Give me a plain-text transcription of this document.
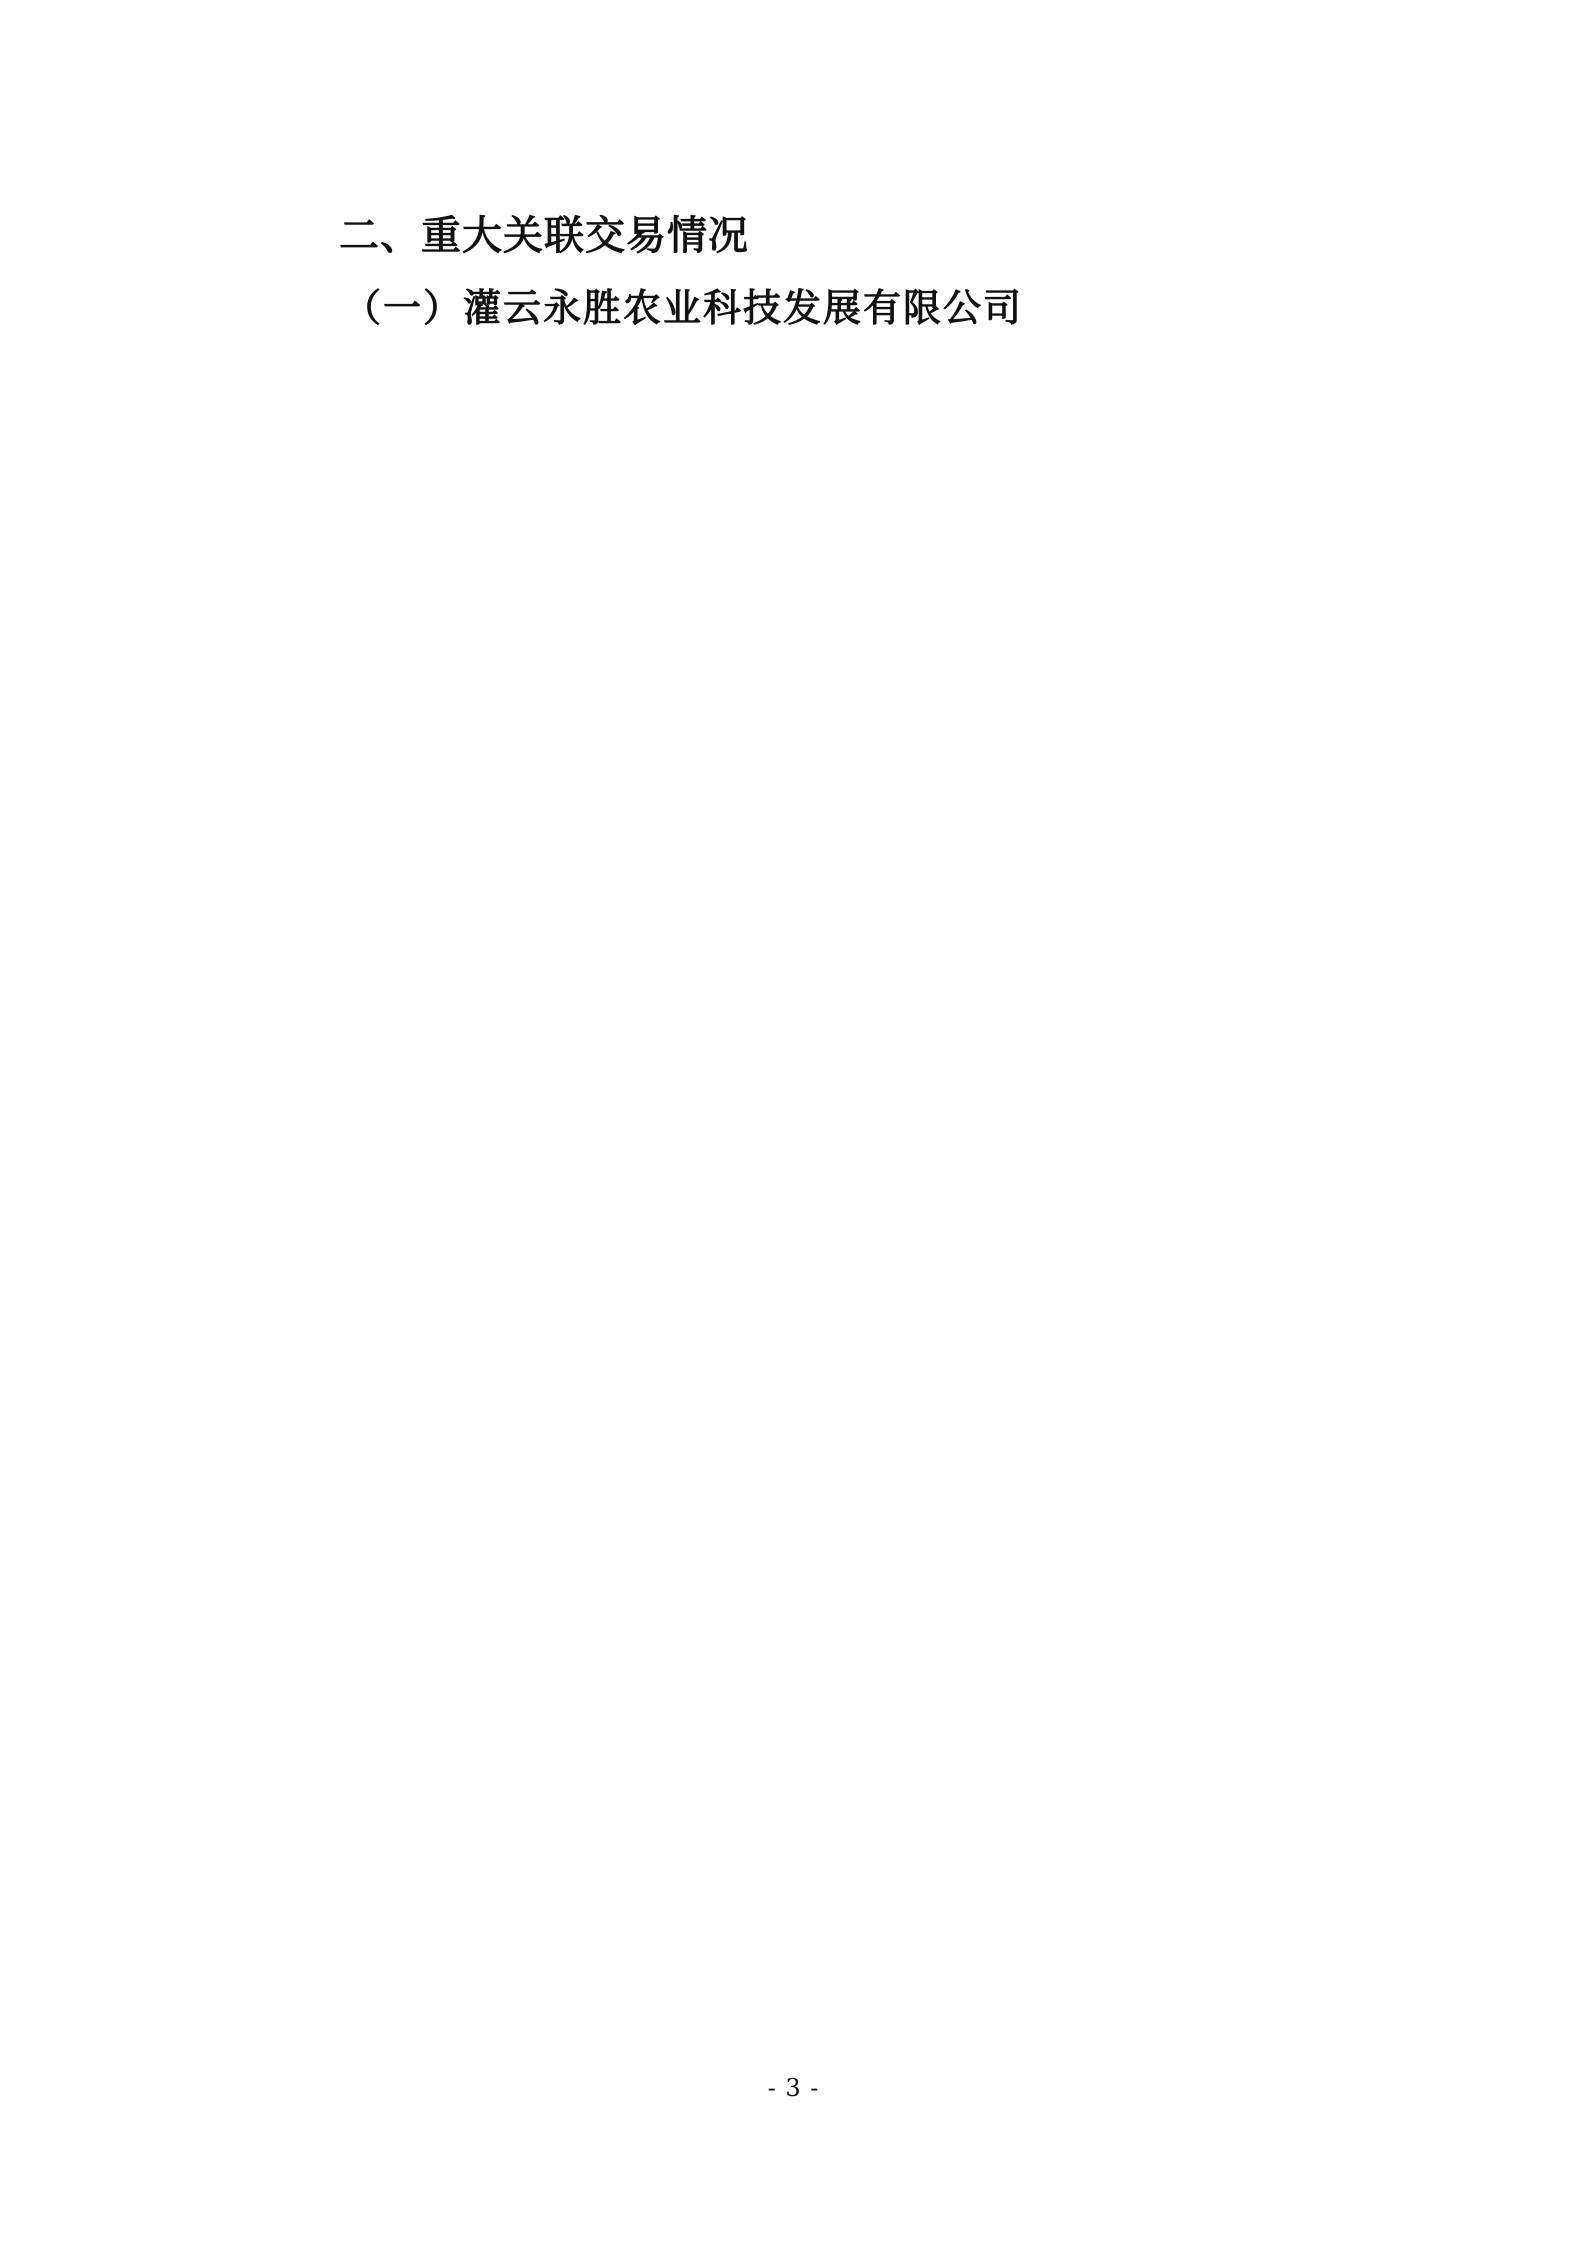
二、重大关联交易情况

（一）灌云永胜农业科技发展有限公司

- 3 -
